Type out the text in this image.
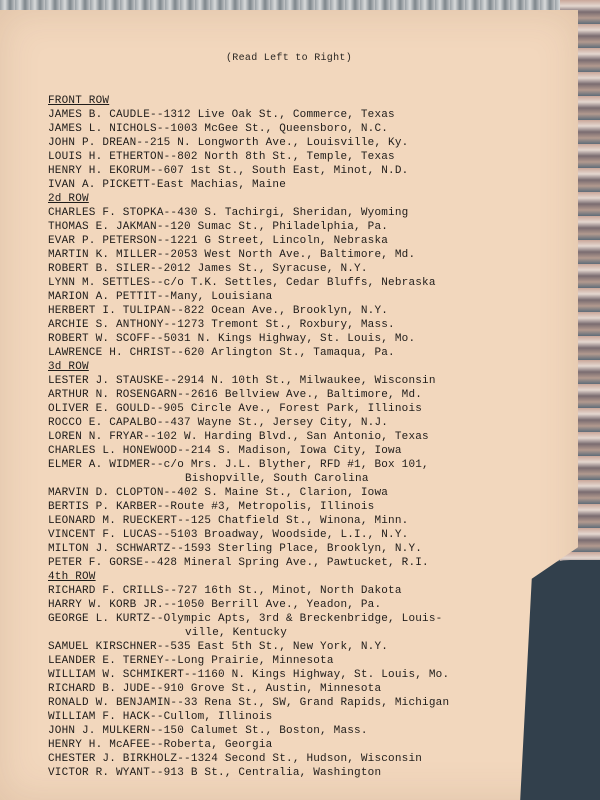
(Read Left to Right)
FRONT ROW
JAMES B. CAUDLE--1312 Live Oak St., Commerce, Texas
JAMES L. NICHOLS--1003 McGee St., Queensboro, N.C.
JOHN P. DREAN--215 N. Longworth Ave., Louisville, Ky.
LOUIS H. ETHERTON--802 North 8th St., Temple, Texas
HENRY H. EKORUM--607 1st St., South East, Minot, N.D.
IVAN A. PICKETT-East Machias, Maine
2d ROW
CHARLES F. STOPKA--430 S. Tachirgi, Sheridan, Wyoming
THOMAS E. JAKMAN--120 Sumac St., Philadelphia, Pa.
EVAR P. PETERSON--1221 G Street, Lincoln, Nebraska
MARTIN K. MILLER--2053 West North Ave., Baltimore, Md.
ROBERT B. SILER--2012 James St., Syracuse, N.Y.
LYNN M. SETTLES--c/o T.K. Settles, Cedar Bluffs, Nebraska
MARION A. PETTIT--Many, Louisiana
HERBERT I. TULIPAN--822 Ocean Ave., Brooklyn, N.Y.
ARCHIE S. ANTHONY--1273 Tremont St., Roxbury, Mass.
ROBERT W. SCOFF--5031 N. Kings Highway, St. Louis, Mo.
LAWRENCE H. CHRIST--620 Arlington St., Tamaqua, Pa.
3d ROW
LESTER J. STAUSKE--2914 N. 10th St., Milwaukee, Wisconsin
ARTHUR N. ROSENGARN--2616 Bellview Ave., Baltimore, Md.
OLIVER E. GOULD--905 Circle Ave., Forest Park, Illinois
ROCCO E. CAPALBO--437 Wayne St., Jersey City, N.J.
LOREN N. FRYAR--102 W. Harding Blvd., San Antonio, Texas
CHARLES L. HONEWOOD--214 S. Madison, Iowa City, Iowa
ELMER A. WIDMER--c/o Mrs. J.L. Blyther, RFD #1, Box 101,
Bishopville, South Carolina
MARVIN D. CLOPTON--402 S. Maine St., Clarion, Iowa
BERTIS P. KARBER--Route #3, Metropolis, Illinois
LEONARD M. RUECKERT--125 Chatfield St., Winona, Minn.
VINCENT F. LUCAS--5103 Broadway, Woodside, L.I., N.Y.
MILTON J. SCHWARTZ--1593 Sterling Place, Brooklyn, N.Y.
PETER F. GORSE--428 Mineral Spring Ave., Pawtucket, R.I.
4th ROW
RICHARD F. CRILLS--727 16th St., Minot, North Dakota
HARRY W. KORB JR.--1050 Berrill Ave., Yeadon, Pa.
GEORGE L. KURTZ--Olympic Apts, 3rd & Breckenbridge, Louis-
ville, Kentucky
SAMUEL KIRSCHNER--535 East 5th St., New York, N.Y.
LEANDER E. TERNEY--Long Prairie, Minnesota
WILLIAM W. SCHMIKERT--1160 N. Kings Highway, St. Louis, Mo.
RICHARD B. JUDE--910 Grove St., Austin, Minnesota
RONALD W. BENJAMIN--33 Rena St., SW, Grand Rapids, Michigan
WILLIAM F. HACK--Cullom, Illinois
JOHN J. MULKERN--150 Calumet St., Boston, Mass.
HENRY H. McAFEE--Roberta, Georgia
CHESTER J. BIRKHOLZ--1324 Second St., Hudson, Wisconsin
VICTOR R. WYANT--913 B St., Centralia, Washington
